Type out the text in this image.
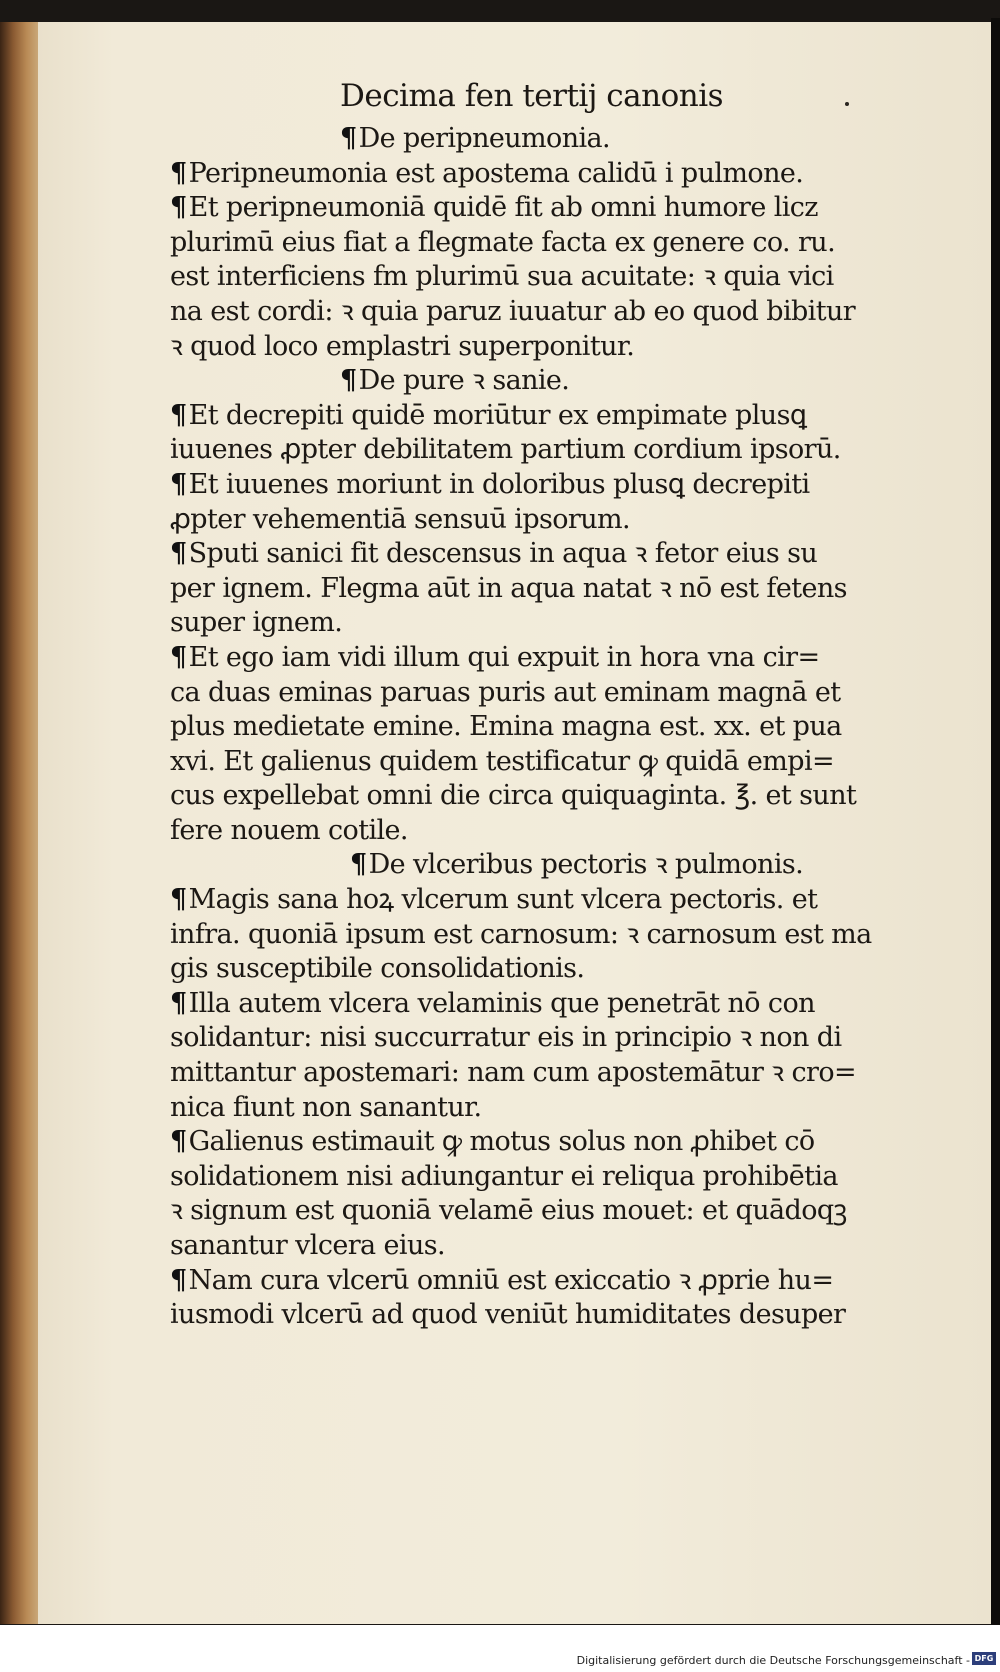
Decima fen tertij canonis
¶De peripneumonia.
¶Peripneumonia est apostema calidū i pulmone.
¶Et peripneumoniā quidē fit ab omni humore licz
plurimū eius fiat a flegmate facta ex genere co. ru.
est interficiens fm plurimū sua acuitate: ꝛ quia vici
na est cordi: ꝛ quia paruz iuuatur ab eo quod bibitur
ꝛ quod loco emplastri superponitur.
¶De pure ꝛ sanie.
¶Et decrepiti quidē moriūtur ex empimate plusꝗ
iuuenes ꝓpter debilitatem partium cordium ipsorū.
¶Et iuuenes moriunt in doloribus plusꝗ decrepiti
ꝓpter vehementiā sensuū ipsorum.
¶Sputi sanici fit descensus in aqua ꝛ fetor eius su
per ignem. Flegma aūt in aqua natat ꝛ nō est fetens
super ignem.
¶Et ego iam vidi illum qui expuit in hora vna cir=
ca duas eminas paruas puris aut eminam magnā et
plus medietate emine. Emina magna est. xx. et pua
xvi. Et galienus quidem testificatur ꝙ quidā empi=
cus expellebat omni die circa quiquaginta. ℥. et sunt
fere nouem cotile.
¶De vlceribus pectoris ꝛ pulmonis.
¶Magis sana hoꝝ vlcerum sunt vlcera pectoris. et
infra. quoniā ipsum est carnosum: ꝛ carnosum est ma
gis susceptibile consolidationis.
¶Illa autem vlcera velaminis que penetrāt nō con
solidantur: nisi succurratur eis in principio ꝛ non di
mittantur apostemari: nam cum apostemātur ꝛ cro=
nica fiunt non sanantur.
¶Galienus estimauit ꝙ motus solus non ꝓhibet cō
solidationem nisi adiungantur ei reliqua prohibētia
ꝛ signum est quoniā velamē eius mouet: et quādoqꝫ
sanantur vlcera eius.
¶Nam cura vlcerū omniū est exiccatio ꝛ ꝓprie hu=
iusmodi vlcerū ad quod veniūt humiditates desuper
Digitalisierung gefördert durch die Deutsche Forschungsgemeinschaft - DFG
